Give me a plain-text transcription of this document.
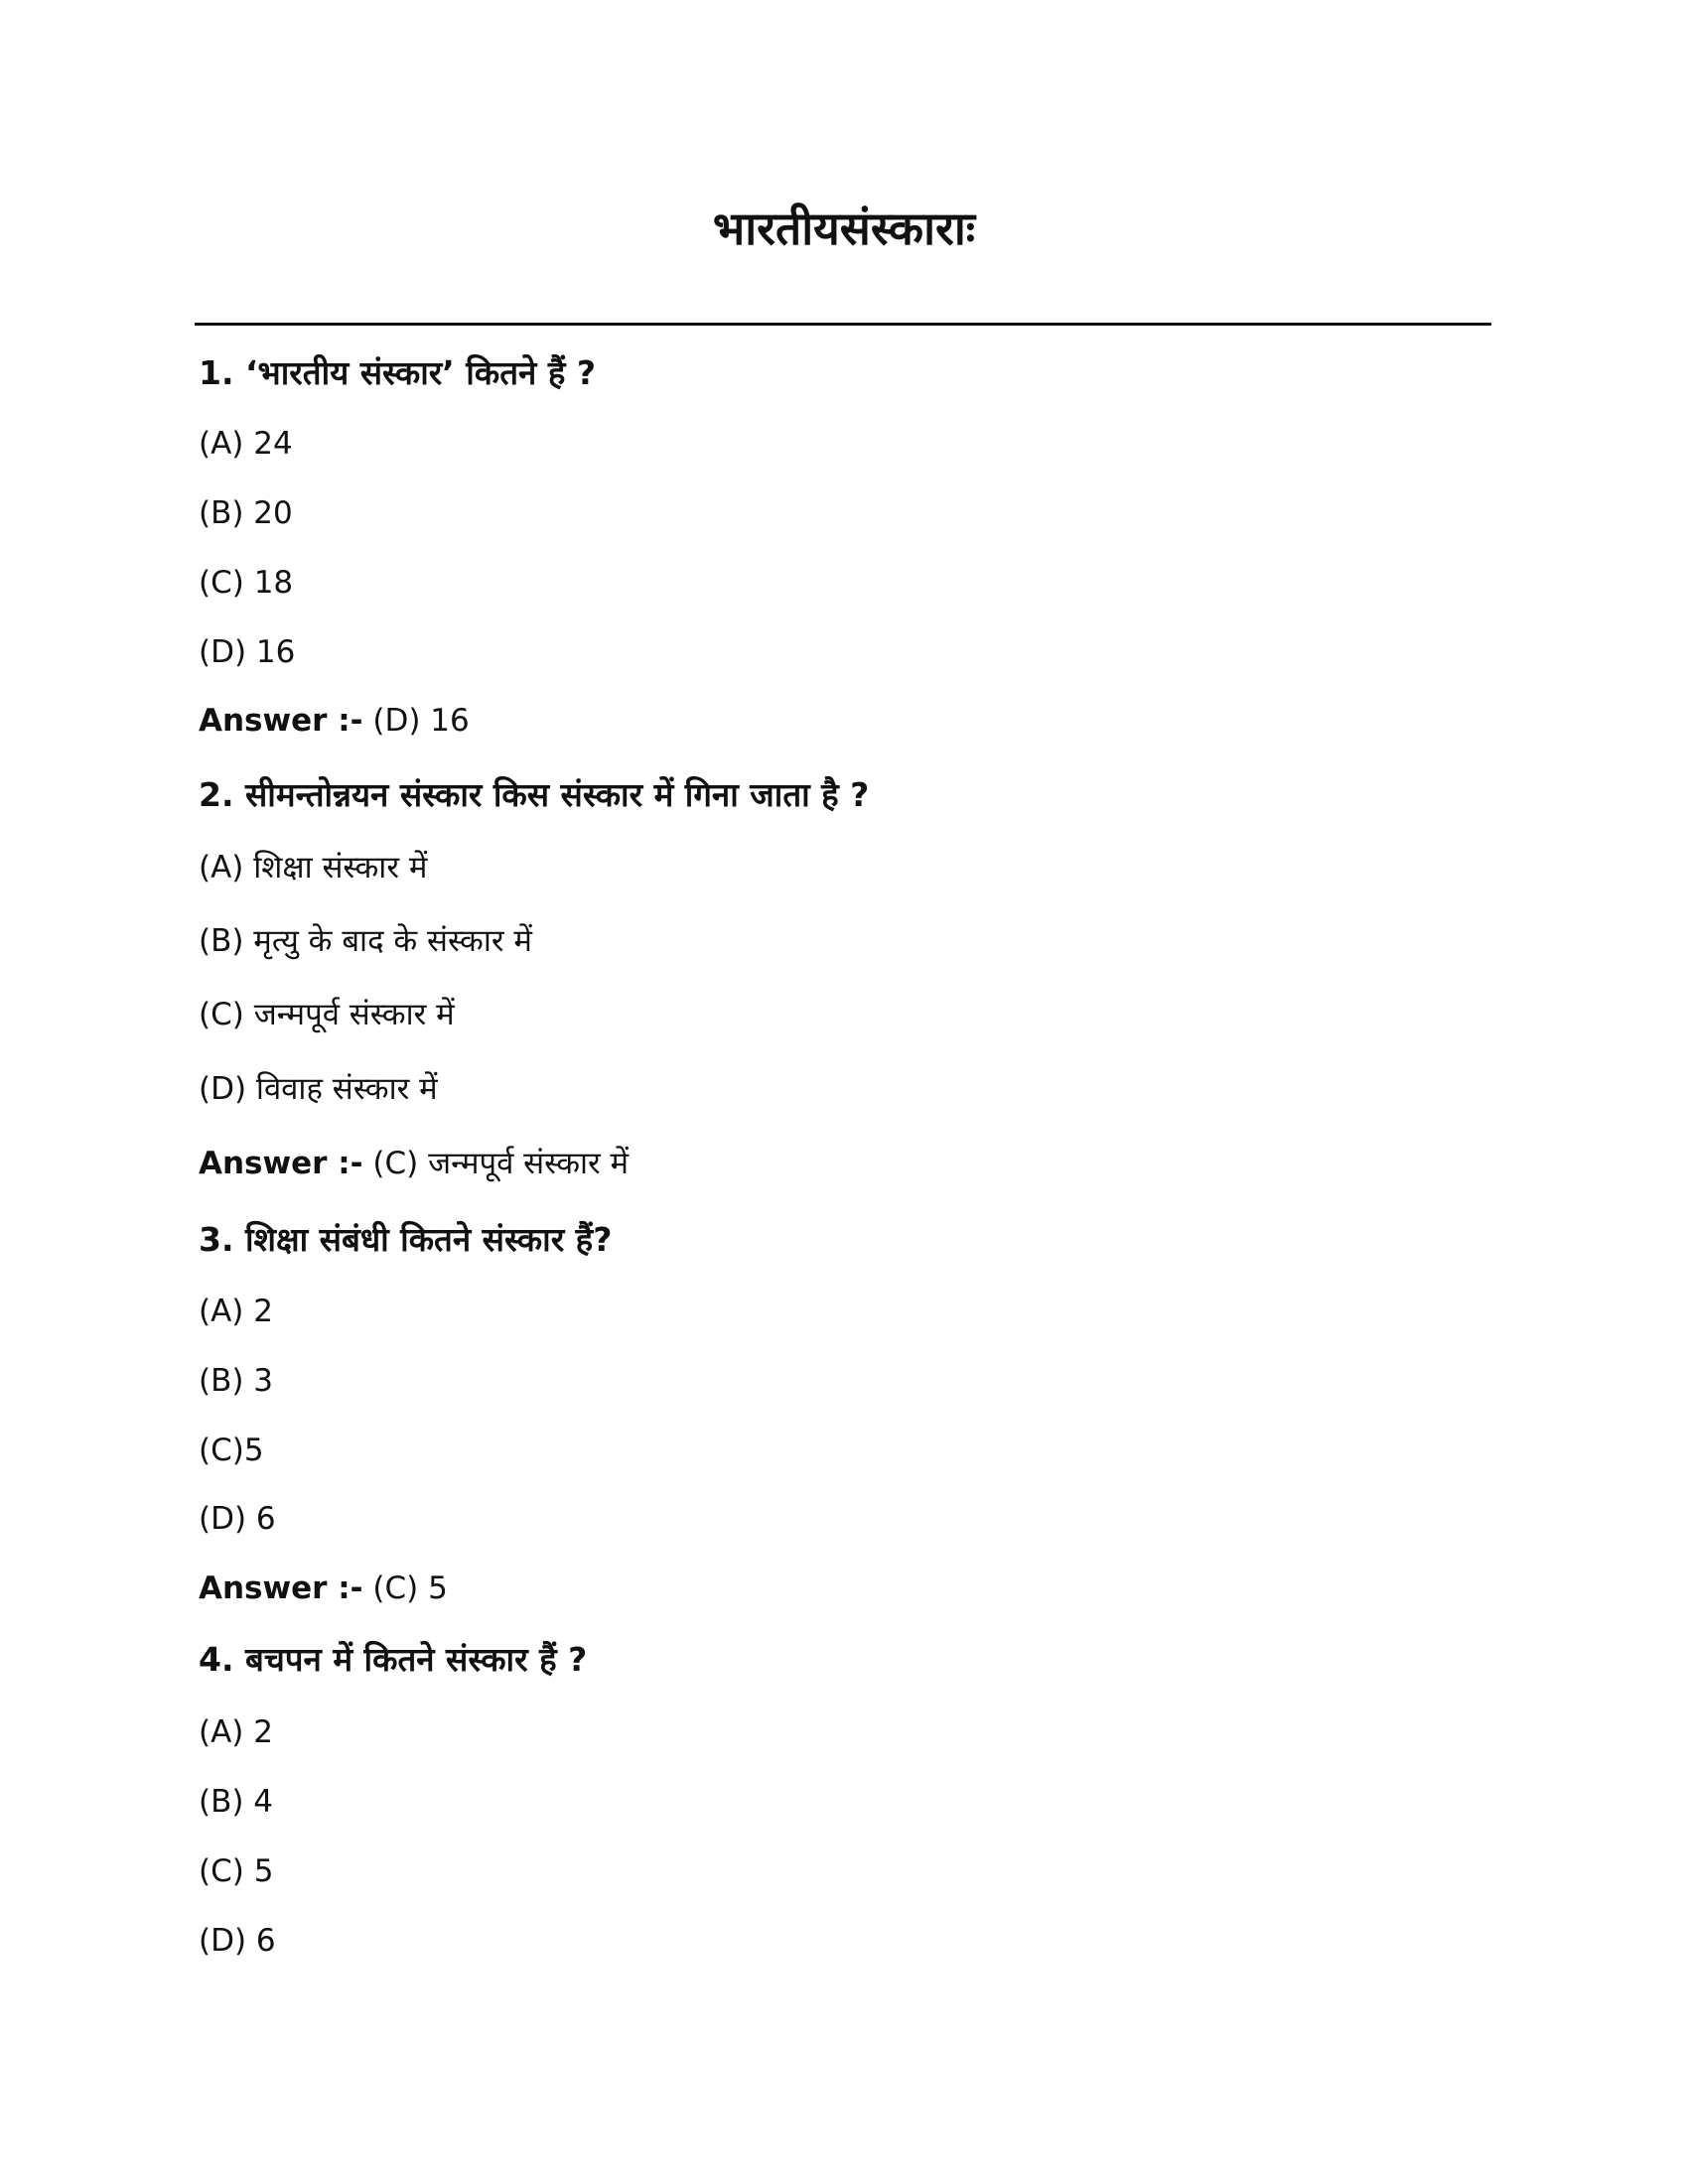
भारतीयसंस्काराः
1. ‘भारतीय संस्कार’ कितने हैं ?
(A) 24
(B) 20
(C) 18
(D) 16
Answer :- (D) 16
2. सीमन्तोन्नयन संस्कार किस संस्कार में गिना जाता है ?
(A) शिक्षा संस्कार में
(B) मृत्यु के बाद के संस्कार में
(C) जन्मपूर्व संस्कार में
(D) विवाह संस्कार में
Answer :- (C) जन्मपूर्व संस्कार में
3. शिक्षा संबंधी कितने संस्कार हैं?
(A) 2
(B) 3
(C)5
(D) 6
Answer :- (C) 5
4. बचपन में कितने संस्कार हैं ?
(A) 2
(B) 4
(C) 5
(D) 6
